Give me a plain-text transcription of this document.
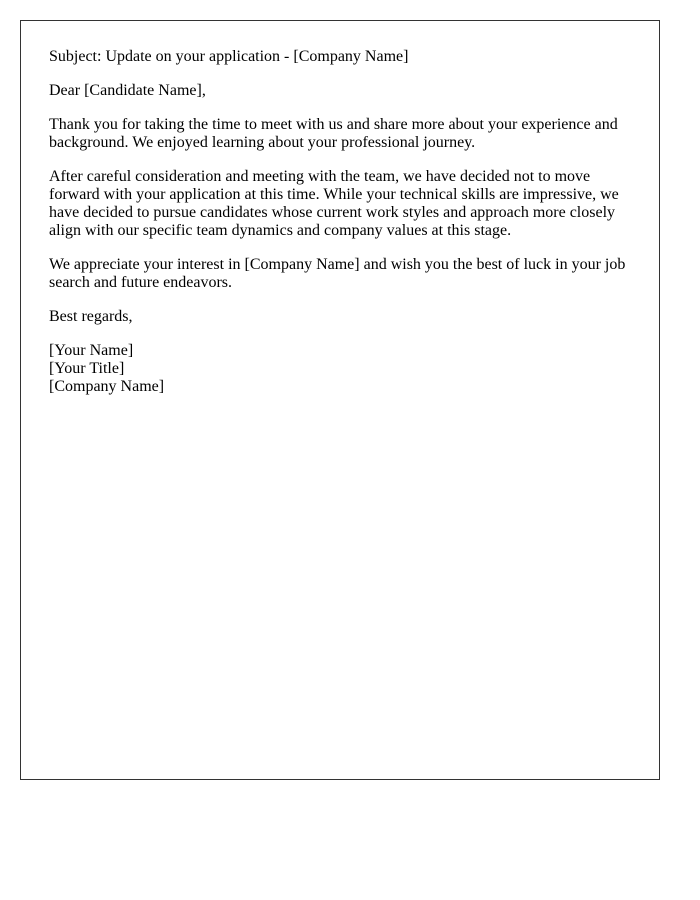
Subject: Update on your application - [Company Name]

Dear [Candidate Name],

Thank you for taking the time to meet with us and share more about your experience and background. We enjoyed learning about your professional journey.

After careful consideration and meeting with the team, we have decided not to move forward with your application at this time. While your technical skills are impressive, we have decided to pursue candidates whose current work styles and approach more closely align with our specific team dynamics and company values at this stage.

We appreciate your interest in [Company Name] and wish you the best of luck in your job search and future endeavors.

Best regards,

[Your Name]
[Your Title]
[Company Name]
